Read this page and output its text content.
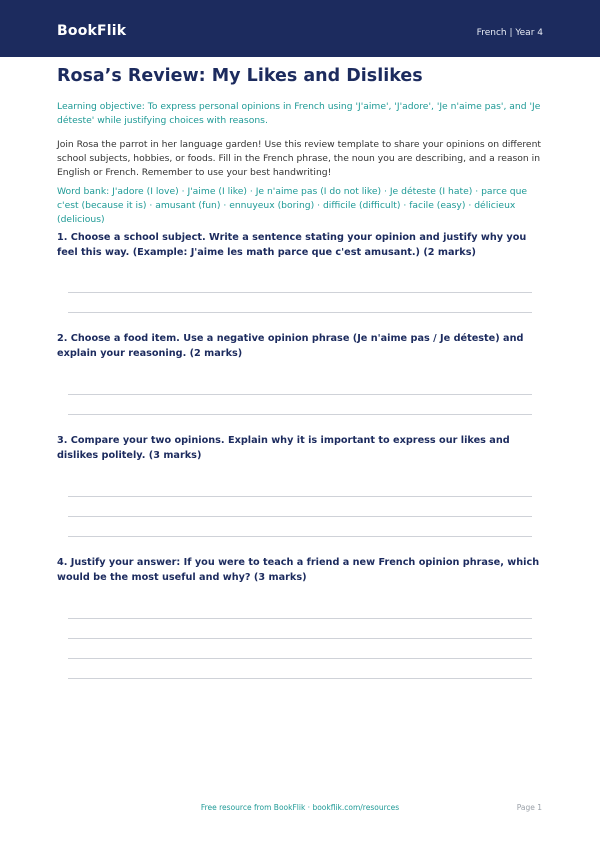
BookFlik	French | Year 4
Rosa’s Review: My Likes and Dislikes

Learning objective: To express personal opinions in French using 'J'aime', 'J'adore', 'Je n'aime pas', and 'Je déteste' while justifying choices with reasons.

Join Rosa the parrot in her language garden! Use this review template to share your opinions on different school subjects, hobbies, or foods. Fill in the French phrase, the noun you are describing, and a reason in English or French. Remember to use your best handwriting!

Word bank: J'adore (I love) · J'aime (I like) · Je n'aime pas (I do not like) · Je déteste (I hate) · parce que c'est (because it is) · amusant (fun) · ennuyeux (boring) · difficile (difficult) · facile (easy) · délicieux (delicious)

1. Choose a school subject. Write a sentence stating your opinion and justify why you feel this way. (Example: J'aime les math parce que c'est amusant.) (2 marks)

2. Choose a food item. Use a negative opinion phrase (Je n'aime pas / Je déteste) and explain your reasoning. (2 marks)

3. Compare your two opinions. Explain why it is important to express our likes and dislikes politely. (3 marks)

4. Justify your answer: If you were to teach a friend a new French opinion phrase, which would be the most useful and why? (3 marks)

Free resource from BookFlik · bookflik.com/resources	Page 1
